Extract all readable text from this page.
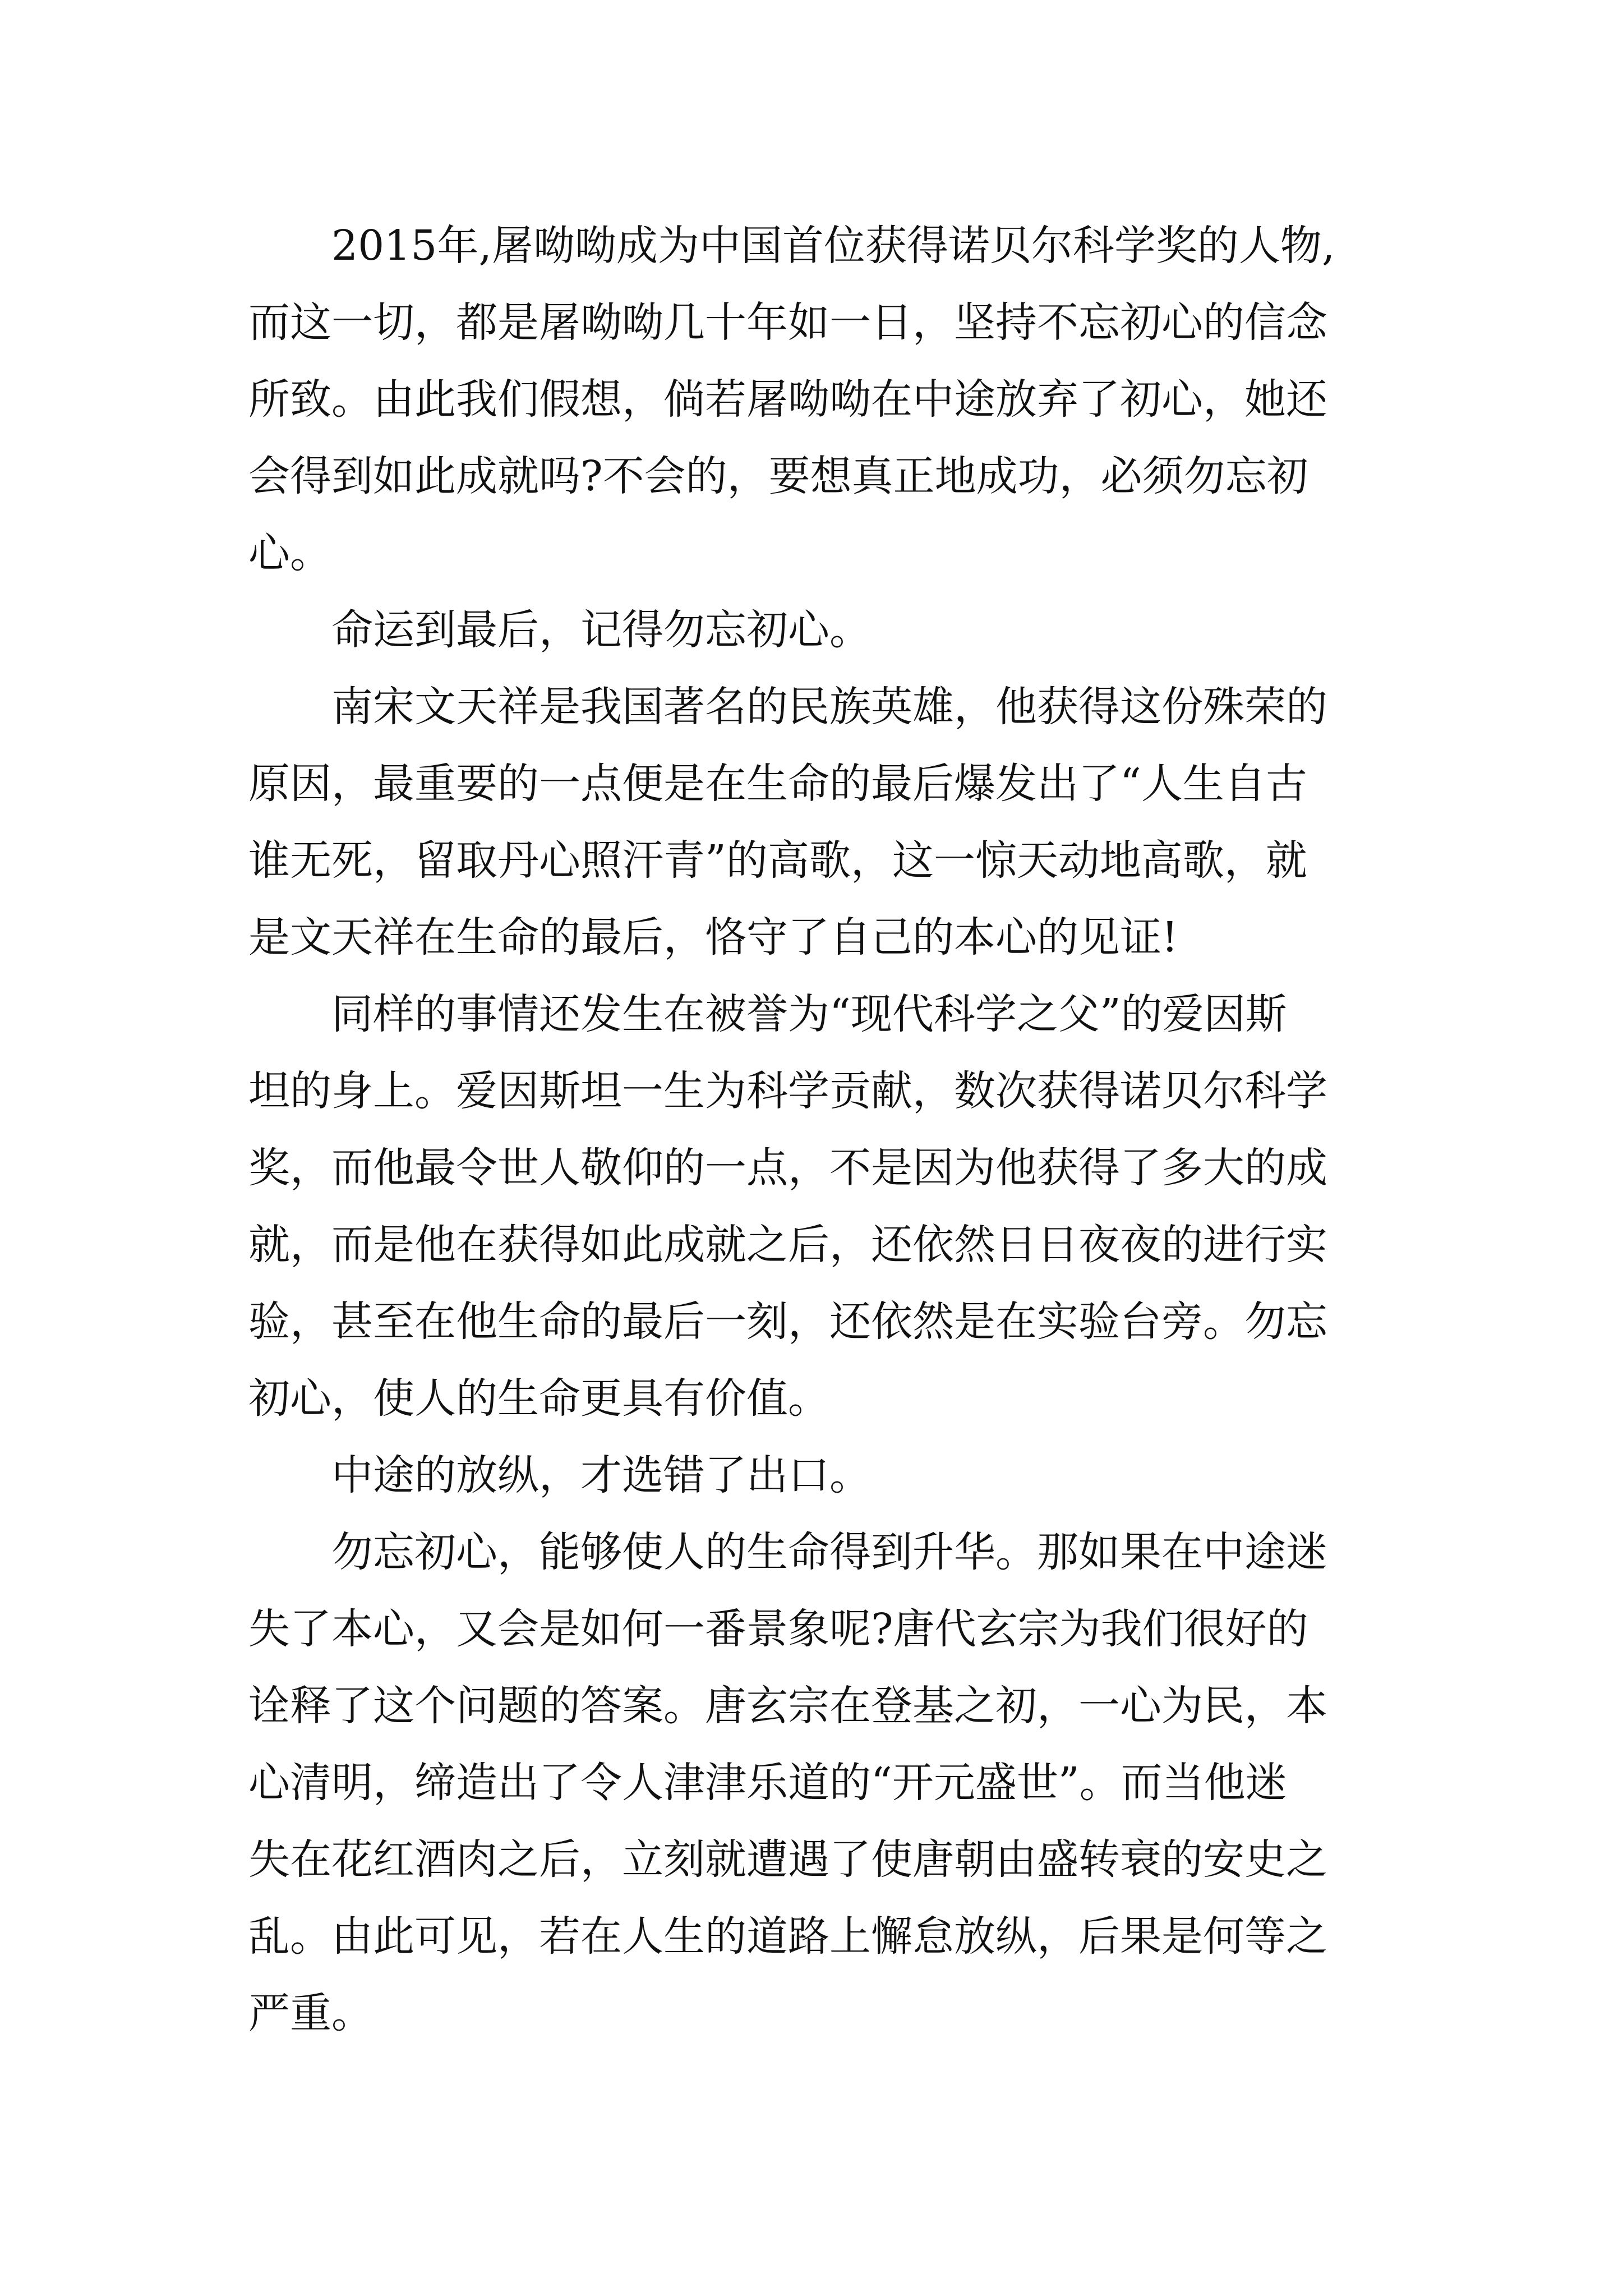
2015年,屠呦呦成为中国首位获得诺贝尔科学奖的人物,
而这一切，都是屠呦呦几十年如一日，坚持不忘初心的信念
所致。由此我们假想，倘若屠呦呦在中途放弃了初心，她还
会得到如此成就吗?不会的，要想真正地成功，必须勿忘初
心。

命运到最后，记得勿忘初心。

南宋文天祥是我国著名的民族英雄，他获得这份殊荣的
原因，最重要的一点便是在生命的最后爆发出了“人生自古
谁无死，留取丹心照汗青”的高歌，这一惊天动地高歌，就
是文天祥在生命的最后，恪守了自己的本心的见证!

同样的事情还发生在被誉为“现代科学之父”的爱因斯
坦的身上。爱因斯坦一生为科学贡献，数次获得诺贝尔科学
奖，而他最令世人敬仰的一点，不是因为他获得了多大的成
就，而是他在获得如此成就之后，还依然日日夜夜的进行实
验，甚至在他生命的最后一刻，还依然是在实验台旁。勿忘
初心，使人的生命更具有价值。

中途的放纵，才选错了出口。

勿忘初心，能够使人的生命得到升华。那如果在中途迷
失了本心，又会是如何一番景象呢?唐代玄宗为我们很好的
诠释了这个问题的答案。唐玄宗在登基之初，一心为民，本
心清明，缔造出了令人津津乐道的“开元盛世”。而当他迷
失在花红酒肉之后，立刻就遭遇了使唐朝由盛转衰的安史之
乱。由此可见，若在人生的道路上懈怠放纵，后果是何等之
严重。
